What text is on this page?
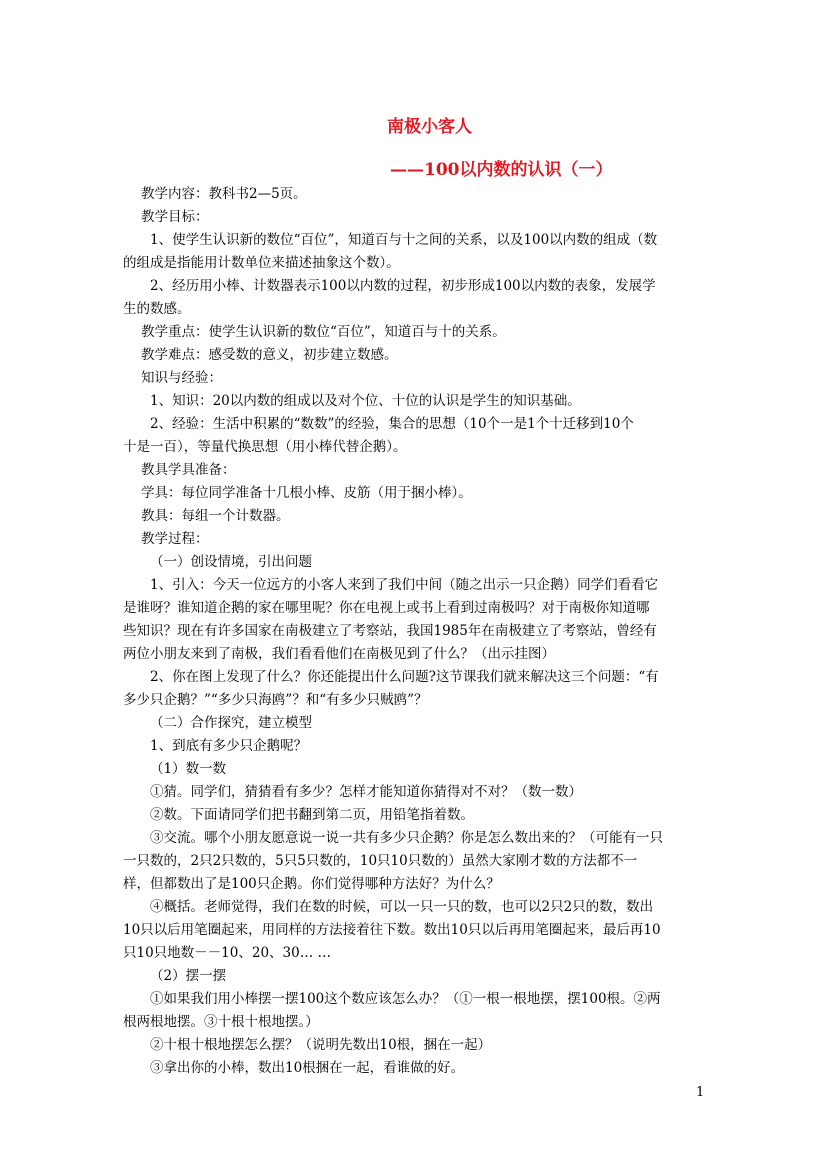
南极小客人
——100以内数的认识（一）

教学内容：教科书2—5页。

教学目标：

1、使学生认识新的数位“百位”，知道百与十之间的关系，以及100以内数的组成（数

的组成是指能用计数单位来描述抽象这个数）。

2、经历用小棒、计数器表示100以内数的过程，初步形成100以内数的表象，发展学

生的数感。

教学重点：使学生认识新的数位“百位”，知道百与十的关系。

教学难点：感受数的意义，初步建立数感。

知识与经验：

1、知识：20以内数的组成以及对个位、十位的认识是学生的知识基础。

2、经验：生活中积累的“数数”的经验，集合的思想（10个一是1个十迁移到10个

十是一百），等量代换思想（用小棒代替企鹅）。

教具学具准备：

学具：每位同学准备十几根小棒、皮筋（用于捆小棒）。

教具：每组一个计数器。

教学过程：

（一）创设情境，引出问题

1、引入：今天一位远方的小客人来到了我们中间（随之出示一只企鹅）同学们看看它

是谁呀？谁知道企鹅的家在哪里呢？你在电视上或书上看到过南极吗？对于南极你知道哪

些知识？现在有许多国家在南极建立了考察站，我国1985年在南极建立了考察站，曾经有

两位小朋友来到了南极，我们看看他们在南极见到了什么？（出示挂图）

2、你在图上发现了什么？你还能提出什么问题?这节课我们就来解决这三个问题：“有

多少只企鹅？”“多少只海鸥”？和“有多少只贼鸥”？

（二）合作探究，建立模型

1、到底有多少只企鹅呢？

（1）数一数

①猜。同学们，猜猜看有多少？怎样才能知道你猜得对不对？（数一数）

②数。下面请同学们把书翻到第二页，用铅笔指着数。

③交流。哪个小朋友愿意说一说一共有多少只企鹅？你是怎么数出来的？（可能有一只

一只数的，2只2只数的，5只5只数的，10只10只数的）虽然大家刚才数的方法都不一

样，但都数出了是100只企鹅。你们觉得哪种方法好？为什么？

④概括。老师觉得，我们在数的时候，可以一只一只的数，也可以2只2只的数，数出

10只以后用笔圈起来，用同样的方法接着往下数。数出10只以后再用笔圈起来，最后再10

只10只地数－－10、20、30… …

（2）摆一摆

①如果我们用小棒摆一摆100这个数应该怎么办？（①一根一根地摆，摆100根。②两

根两根地摆。③十根十根地摆。）

②十根十根地摆怎么摆？（说明先数出10根，捆在一起）

③拿出你的小棒，数出10根捆在一起，看谁做的好。

1
